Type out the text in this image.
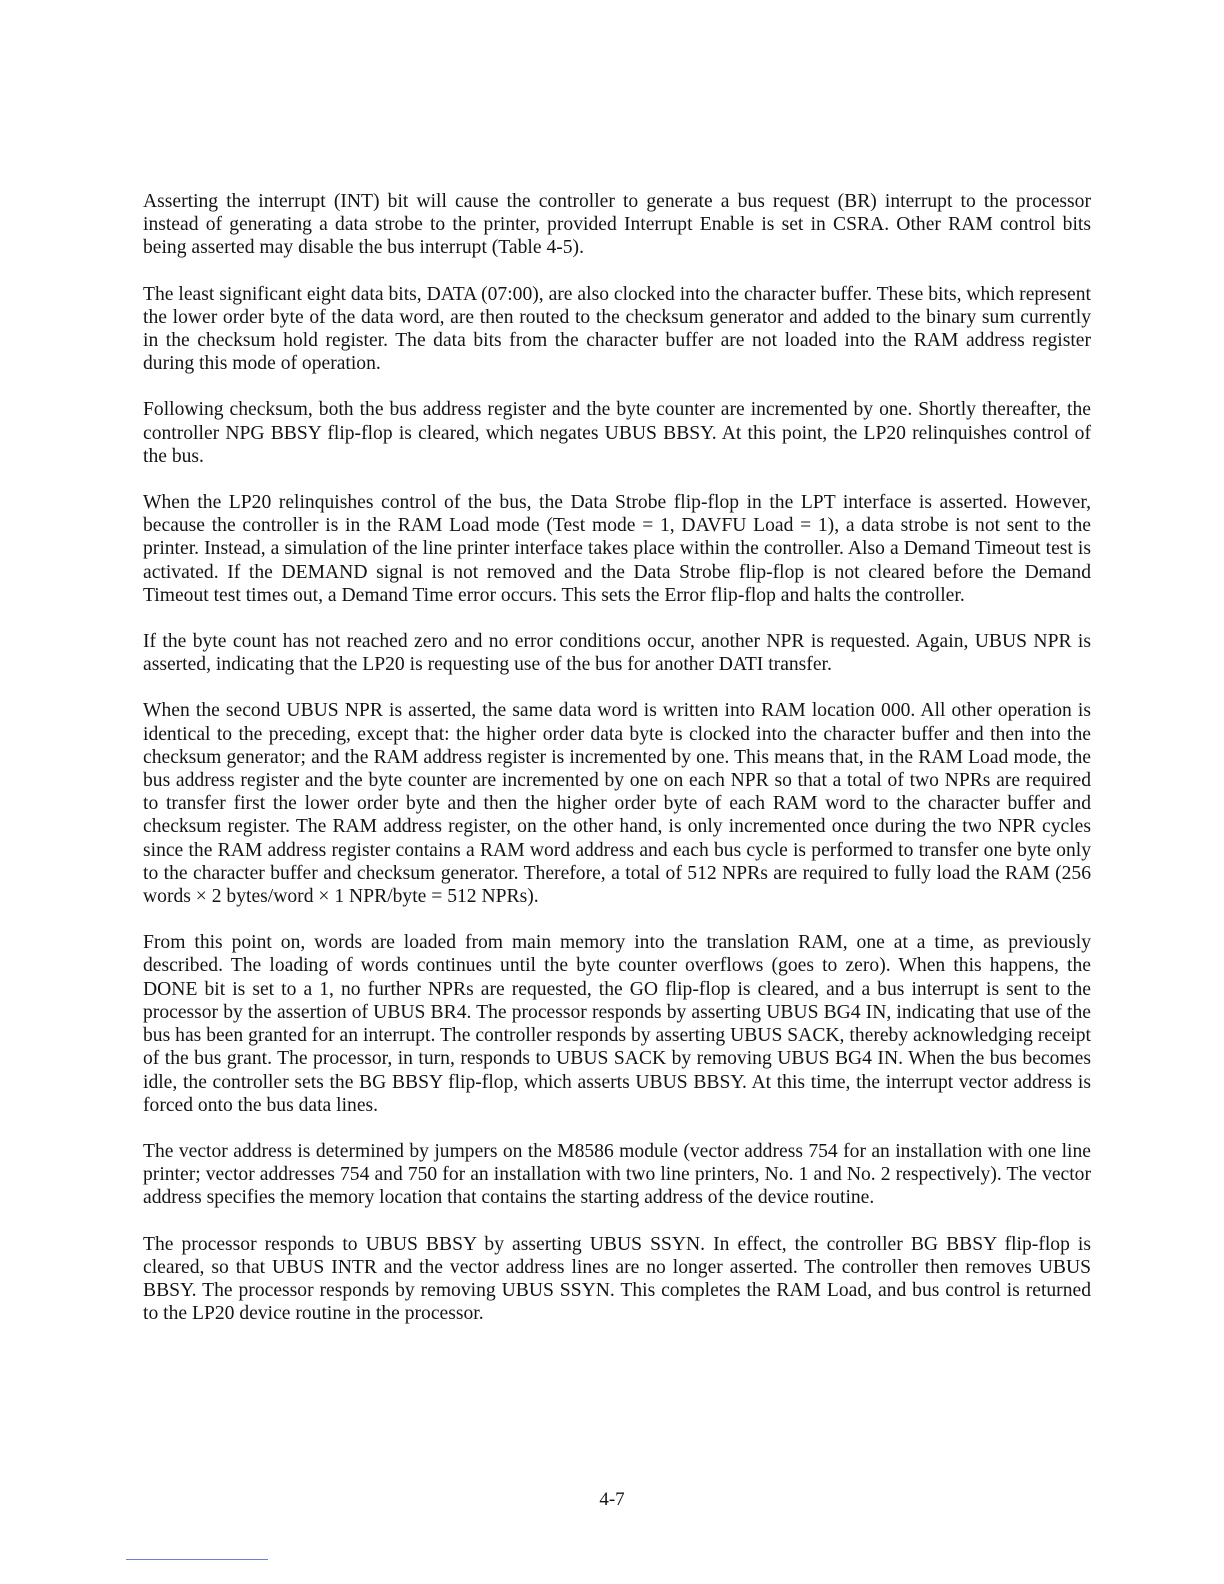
Asserting the interrupt (INT) bit will cause the controller to generate a bus request (BR) interrupt to the processor instead of generating a data strobe to the printer, provided Interrupt Enable is set in CSRA. Other RAM control bits being asserted may disable the bus interrupt (Table 4-5).

The least significant eight data bits, DATA (07:00), are also clocked into the character buffer. These bits, which represent the lower order byte of the data word, are then routed to the checksum generator and added to the binary sum currently in the checksum hold register. The data bits from the character buffer are not loaded into the RAM address register during this mode of operation.

Following checksum, both the bus address register and the byte counter are incremented by one. Shortly thereafter, the controller NPG BBSY flip-flop is cleared, which negates UBUS BBSY. At this point, the LP20 relinquishes control of the bus.

When the LP20 relinquishes control of the bus, the Data Strobe flip-flop in the LPT interface is asserted. However, because the controller is in the RAM Load mode (Test mode = 1, DAVFU Load = 1), a data strobe is not sent to the printer. Instead, a simulation of the line printer interface takes place within the controller. Also a Demand Timeout test is activated. If the DEMAND signal is not removed and the Data Strobe flip-flop is not cleared before the Demand Timeout test times out, a Demand Time error occurs. This sets the Error flip-flop and halts the controller.

If the byte count has not reached zero and no error conditions occur, another NPR is requested. Again, UBUS NPR is asserted, indicating that the LP20 is requesting use of the bus for another DATI transfer.

When the second UBUS NPR is asserted, the same data word is written into RAM location 000. All other operation is identical to the preceding, except that: the higher order data byte is clocked into the character buffer and then into the checksum generator; and the RAM address register is incremented by one. This means that, in the RAM Load mode, the bus address register and the byte counter are incremented by one on each NPR so that a total of two NPRs are required to transfer first the lower order byte and then the higher order byte of each RAM word to the character buffer and checksum register. The RAM address register, on the other hand, is only incremented once during the two NPR cycles since the RAM address register contains a RAM word address and each bus cycle is performed to transfer one byte only to the character buffer and checksum generator. Therefore, a total of 512 NPRs are required to fully load the RAM (256 words × 2 bytes/word × 1 NPR/byte = 512 NPRs).

From this point on, words are loaded from main memory into the translation RAM, one at a time, as previously described. The loading of words continues until the byte counter overflows (goes to zero). When this happens, the DONE bit is set to a 1, no further NPRs are requested, the GO flip-flop is cleared, and a bus interrupt is sent to the processor by the assertion of UBUS BR4. The processor responds by asserting UBUS BG4 IN, indicating that use of the bus has been granted for an interrupt. The controller responds by asserting UBUS SACK, thereby acknowledging receipt of the bus grant. The processor, in turn, responds to UBUS SACK by removing UBUS BG4 IN. When the bus becomes idle, the controller sets the BG BBSY flip-flop, which asserts UBUS BBSY. At this time, the interrupt vector address is forced onto the bus data lines.

The vector address is determined by jumpers on the M8586 module (vector address 754 for an installation with one line printer; vector addresses 754 and 750 for an installation with two line printers, No. 1 and No. 2 respectively). The vector address specifies the memory location that contains the starting address of the device routine.

The processor responds to UBUS BBSY by asserting UBUS SSYN. In effect, the controller BG BBSY flip-flop is cleared, so that UBUS INTR and the vector address lines are no longer asserted. The controller then removes UBUS BBSY. The processor responds by removing UBUS SSYN. This completes the RAM Load, and bus control is returned to the LP20 device routine in the processor.

4-7
